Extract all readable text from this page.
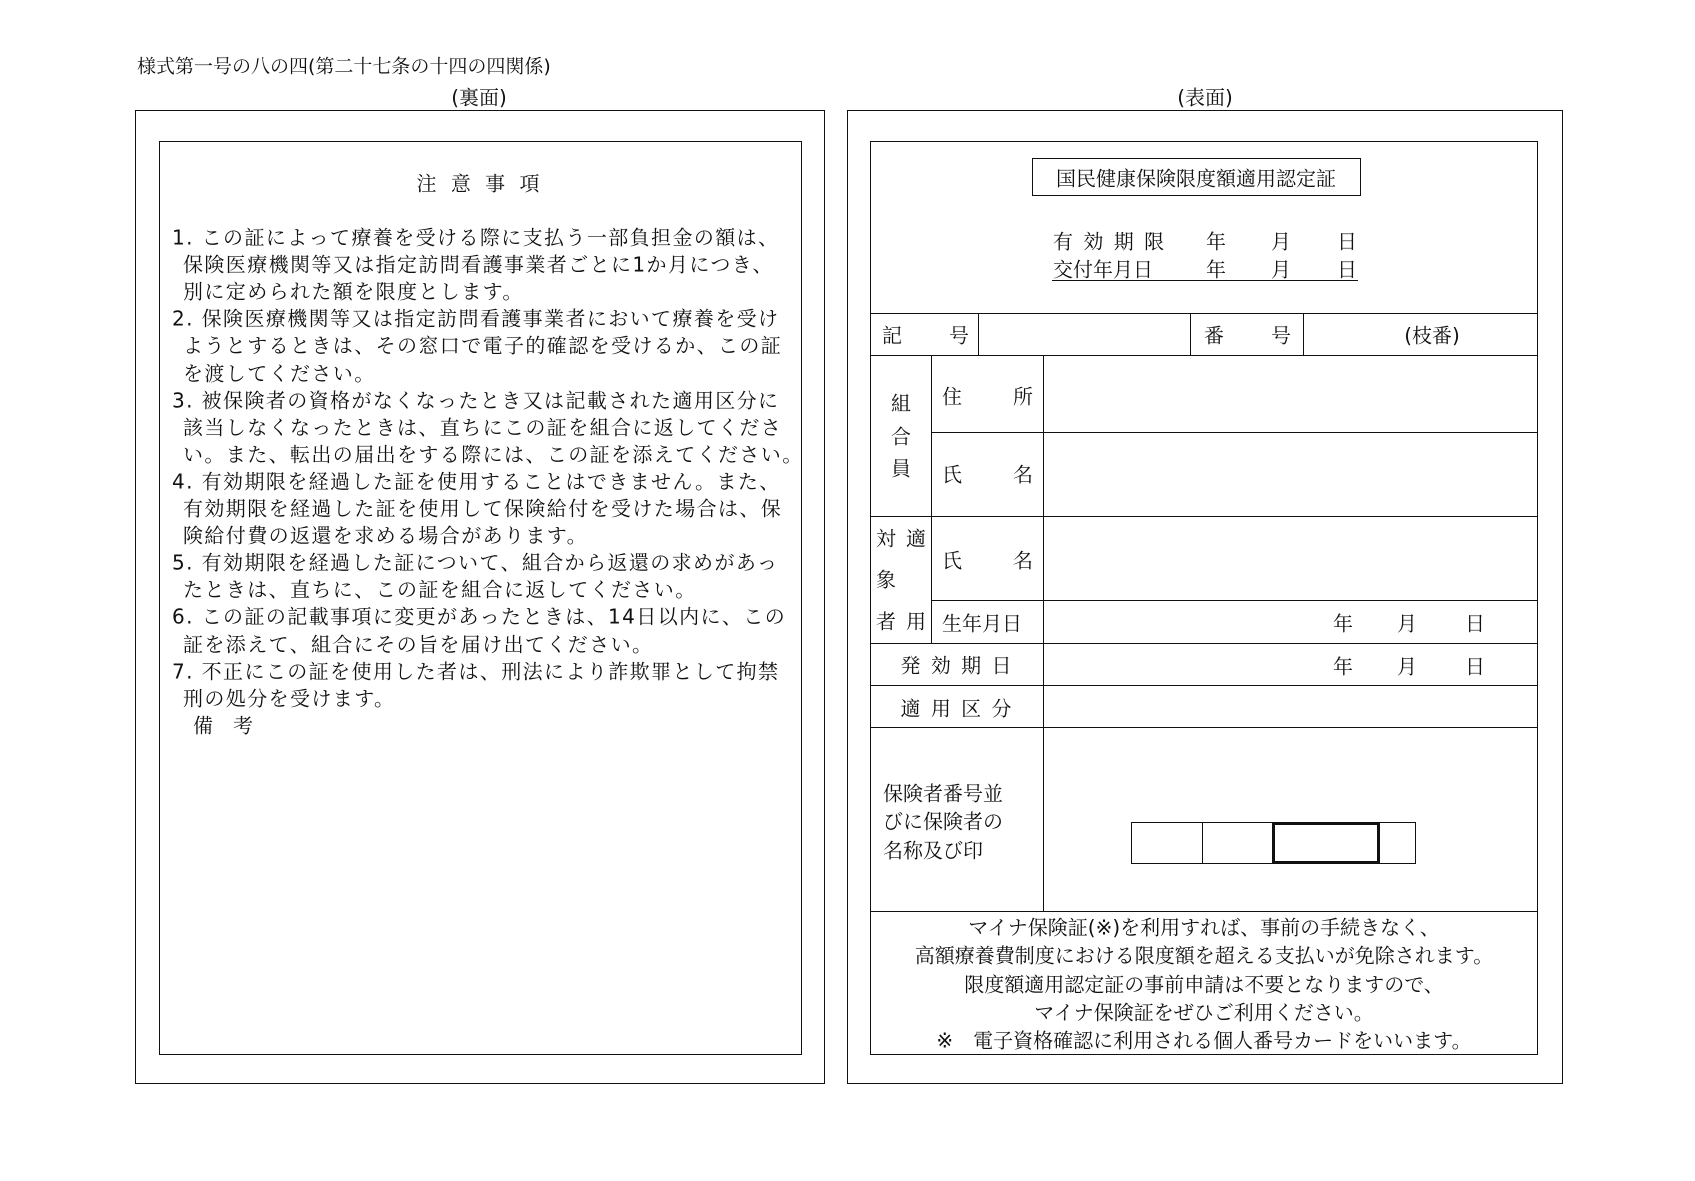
様式第一号の八の四(第二十七条の十四の四関係)
(裏面)	(表面)
注 意 事 項
1. この証によって療養を受ける際に支払う一部負担金の額は、
保険医療機関等又は指定訪問看護事業者ごとに1か月につき、
別に定められた額を限度とします。
2. 保険医療機関等又は指定訪問看護事業者において療養を受け
ようとするときは、その窓口で電子的確認を受けるか、この証
を渡してください。
3. 被保険者の資格がなくなったとき又は記載された適用区分に
該当しなくなったときは、直ちにこの証を組合に返してくださ
い。また、転出の届出をする際には、この証を添えてください。
4. 有効期限を経過した証を使用することはできません。また、
有効期限を経過した証を使用して保険給付を受けた場合は、保
険給付費の返還を求める場合があります。
5. 有効期限を経過した証について、組合から返還の求めがあっ
たときは、直ちに、この証を組合に返してください。
6. この証の記載事項に変更があったときは、14日以内に、この
証を添えて、組合にその旨を届け出てください。
7. 不正にこの証を使用した者は、刑法により詐欺罪として拘禁
刑の処分を受けます。
備　考
国民健康保険限度額適用認定証
有 効 期 限 年 月 日
交付年月日	年 月 日
記 号	番 号	(枝番)
組
合
員
住	所
氏	名
対 適
象
者 用
氏	名
生年月日	年 月 日
発 効 期 日	年 月 日
適 用 区 分
保険者番号並
びに保険者の
名称及び印
マイナ保険証(※)を利用すれば、事前の手続きなく、
高額療養費制度における限度額を超える支払いが免除されます。
限度額適用認定証の事前申請は不要となりますので、
マイナ保険証をぜひご利用ください。
※　電子資格確認に利用される個人番号カードをいいます。
